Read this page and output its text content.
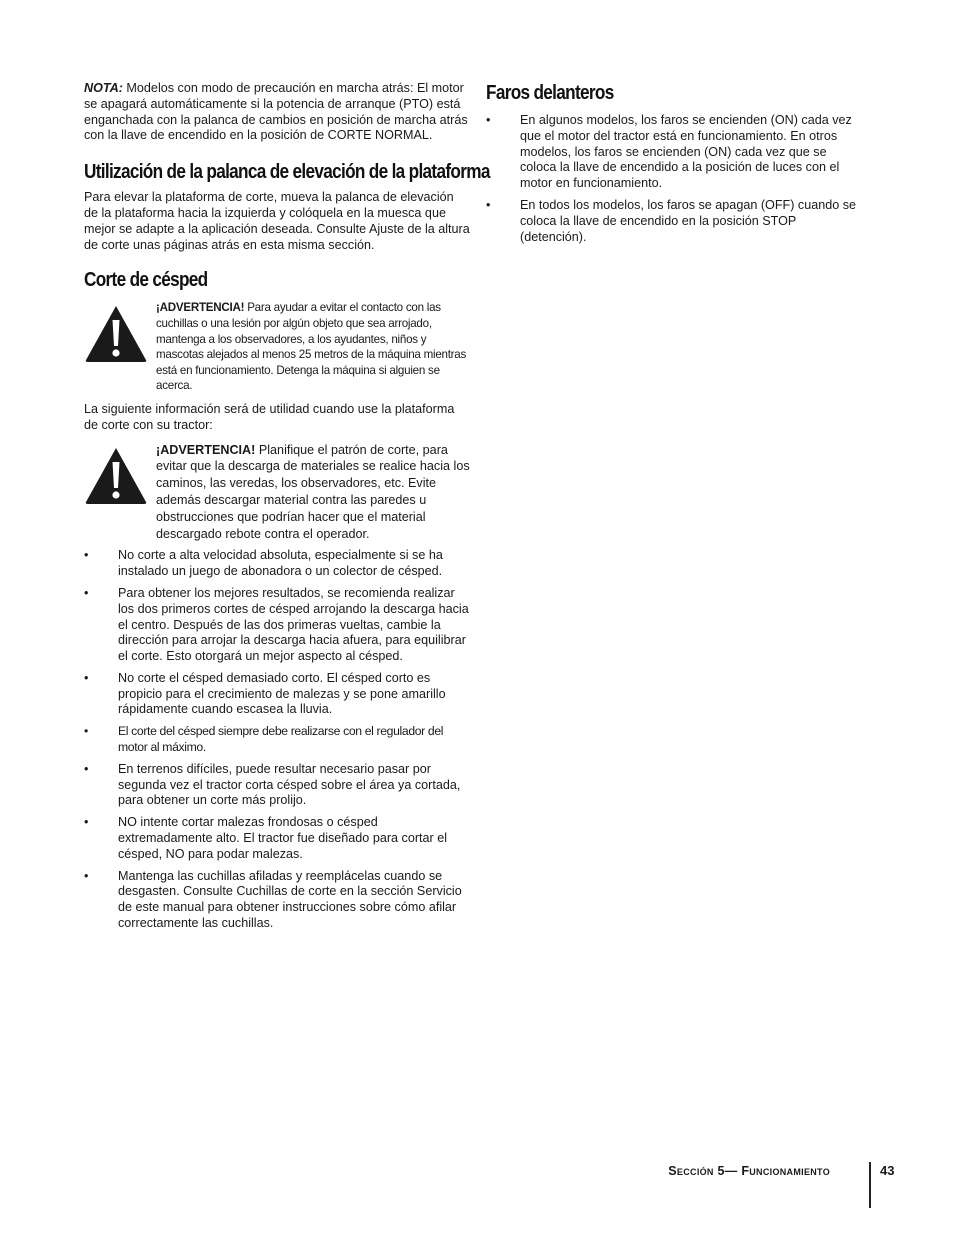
NOTA: Modelos con modo de precaución en marcha atrás: El motor se apagará automáticamente si la potencia de arranque (PTO) está enganchada con la palanca de cambios en posición de marcha atrás con la llave de encendido en la posición de CORTE NORMAL.

Utilización de la palanca de elevación de la plataforma

Para elevar la plataforma de corte, mueva la palanca de elevación de la plataforma hacia la izquierda y colóquela en la muesca que mejor se adapte a la aplicación deseada. Consulte Ajuste de la altura de corte unas páginas atrás en esta misma sección.

Corte de césped

¡ADVERTENCIA! Para ayudar a evitar el contacto con las cuchillas o una lesión por algún objeto que sea arrojado, mantenga a los observadores, a los ayudantes, niños y mascotas alejados al menos 25 metros de la máquina mientras está en funcionamiento. Detenga la máquina si alguien se acerca.

La siguiente información será de utilidad cuando use la plataforma de corte con su tractor:

¡ADVERTENCIA! Planifique el patrón de corte, para evitar que la descarga de materiales se realice hacia los caminos, las veredas, los observadores, etc. Evite además descargar material contra las paredes u obstrucciones que podrían hacer que el material descargado rebote contra el operador.

• No corte a alta velocidad absoluta, especialmente si se ha instalado un juego de abonadora o un colector de césped.
• Para obtener los mejores resultados, se recomienda realizar los dos primeros cortes de césped arrojando la descarga hacia el centro. Después de las dos primeras vueltas, cambie la dirección para arrojar la descarga hacia afuera, para equilibrar el corte. Esto otorgará un mejor aspecto al césped.
• No corte el césped demasiado corto. El césped corto es propicio para el crecimiento de malezas y se pone amarillo rápidamente cuando escasea la lluvia.
• El corte del césped siempre debe realizarse con el regulador del motor al máximo.
• En terrenos difíciles, puede resultar necesario pasar por segunda vez el tractor corta césped sobre el área ya cortada, para obtener un corte más prolijo.
• NO intente cortar malezas frondosas o césped extremadamente alto. El tractor fue diseñado para cortar el césped, NO para podar malezas.
• Mantenga las cuchillas afiladas y reemplácelas cuando se desgasten. Consulte Cuchillas de corte en la sección Servicio de este manual para obtener instrucciones sobre cómo afilar correctamente las cuchillas.
Faros delanteros
• En algunos modelos, los faros se encienden (ON) cada vez que el motor del tractor está en funcionamiento. En otros modelos, los faros se encienden (ON) cada vez que se coloca la llave de encendido a la posición de luces con el motor en funcionamiento.
• En todos los modelos, los faros se apagan (OFF) cuando se coloca la llave de encendido en la posición STOP (detención).
Sección 5— Funcionamiento	43
